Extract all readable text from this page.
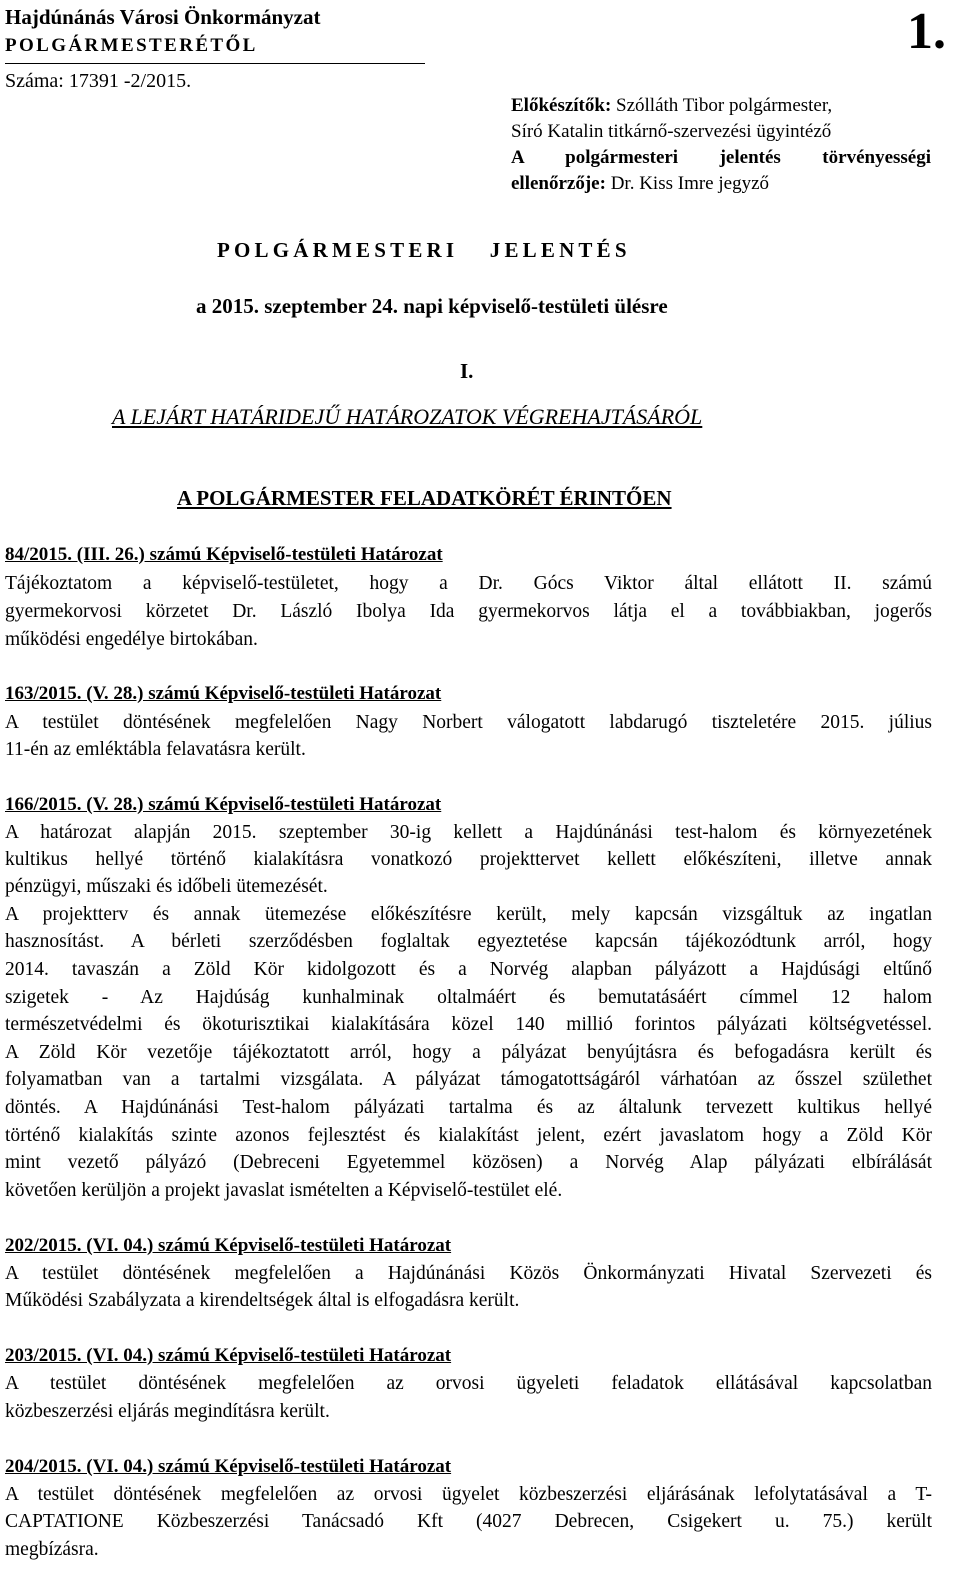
Hajdúnánás Városi Önkormányzat
POLGÁRMESTERÉTŐL	1.
Száma: 17391 -2/2015.
Előkészítők: Szólláth Tibor polgármester,
Síró Katalin titkárnő-szervezési ügyintéző
A polgármesteri jelentés törvényességi
ellenőrzője: Dr. Kiss Imre jegyző
POLGÁRMESTERI JELENTÉS
a 2015. szeptember 24. napi képviselő-testületi ülésre
I.
A LEJÁRT HATÁRIDEJŰ HATÁROZATOK VÉGREHAJTÁSÁRÓL
A POLGÁRMESTER FELADATKÖRÉT ÉRINTŐEN
84/2015. (III. 26.) számú Képviselő-testületi Határozat
Tájékoztatom a képviselő-testületet, hogy a Dr. Gócs Viktor által ellátott II. számú
gyermekorvosi körzetet Dr. László Ibolya Ida gyermekorvos látja el a továbbiakban, jogerős
működési engedélye birtokában.
163/2015. (V. 28.) számú Képviselő-testületi Határozat
A testület döntésének megfelelően Nagy Norbert válogatott labdarugó tiszteletére 2015. július
11-én az emléktábla felavatásra került.
166/2015. (V. 28.) számú Képviselő-testületi Határozat
A határozat alapján 2015. szeptember 30-ig kellett a Hajdúnánási test-halom és környezetének
kultikus hellyé történő kialakításra vonatkozó projekttervet kellett előkészíteni, illetve annak
pénzügyi, műszaki és időbeli ütemezését.
A projektterv és annak ütemezése előkészítésre került, mely kapcsán vizsgáltuk az ingatlan
hasznosítást. A bérleti szerződésben foglaltak egyeztetése kapcsán tájékozódtunk arról, hogy
2014. tavaszán a Zöld Kör kidolgozott és a Norvég alapban pályázott a Hajdúsági eltűnő
szigetek - Az Hajdúság kunhalminak oltalmáért és bemutatásáért címmel 12 halom
természetvédelmi és ökoturisztikai kialakítására közel 140 millió forintos pályázati költségvetéssel.
A Zöld Kör vezetője tájékoztatott arról, hogy a pályázat benyújtásra és befogadásra került és
folyamatban van a tartalmi vizsgálata. A pályázat támogatottságáról várhatóan az ősszel születhet
döntés. A Hajdúnánási Test-halom pályázati tartalma és az általunk tervezett kultikus hellyé
történő kialakítás szinte azonos fejlesztést és kialakítást jelent, ezért javaslatom hogy a Zöld Kör
mint vezető pályázó (Debreceni Egyetemmel közösen) a Norvég Alap pályázati elbírálását
követően kerüljön a projekt javaslat ismételten a Képviselő-testület elé.
202/2015. (VI. 04.) számú Képviselő-testületi Határozat
A testület döntésének megfelelően a Hajdúnánási Közös Önkormányzati Hivatal Szervezeti és
Működési Szabályzata a kirendeltségek által is elfogadásra került.
203/2015. (VI. 04.) számú Képviselő-testületi Határozat
A testület döntésének megfelelően az orvosi ügyeleti feladatok ellátásával kapcsolatban
közbeszerzési eljárás megindításra került.
204/2015. (VI. 04.) számú Képviselő-testületi Határozat
A testület döntésének megfelelően az orvosi ügyelet közbeszerzési eljárásának lefolytatásával a T-
CAPTATIONE Közbeszerzési Tanácsadó Kft (4027 Debrecen, Csigekert u. 75.) került
megbízásra.
